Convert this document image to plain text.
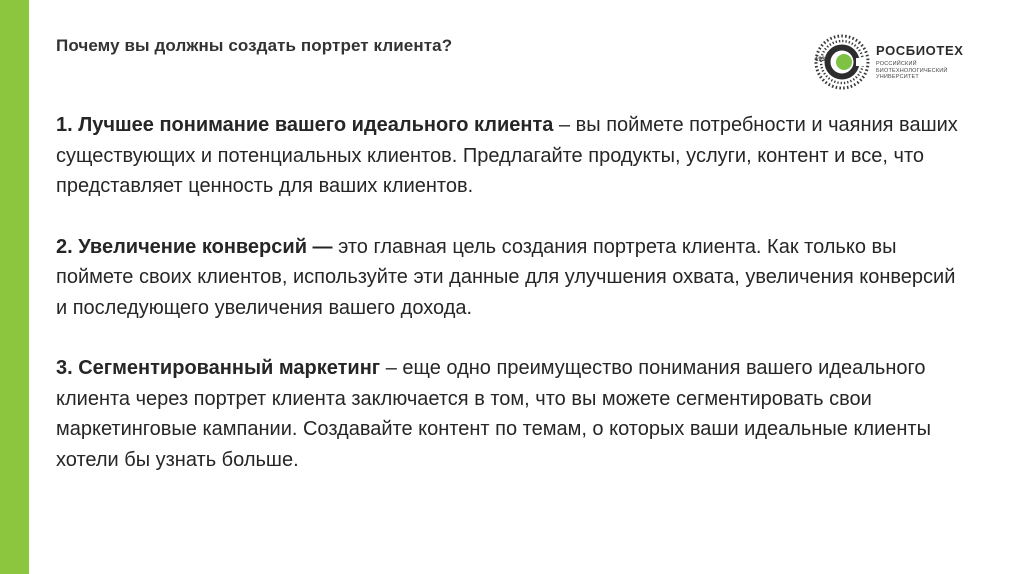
Почему вы должны создать портрет клиента?
1930
РОСБИОТЕХ
РОССИЙСКИЙ БИОТЕХНОЛОГИЧЕСКИЙ УНИВЕРСИТЕТ

1. Лучшее понимание вашего идеального клиента – вы поймете потребности и чаяния ваших существующих и потенциальных клиентов. Предлагайте продукты, услуги, контент и все, что представляет ценность для ваших клиентов.

2. Увеличение конверсий — это главная цель создания портрета клиента. Как только вы поймете своих клиентов, используйте эти данные для улучшения охвата, увеличения конверсий и последующего увеличения вашего дохода.

3. Сегментированный маркетинг – еще одно преимущество понимания вашего идеального клиента через портрет клиента заключается в том, что вы можете сегментировать свои маркетинговые кампании. Создавайте контент по темам, о которых ваши идеальные клиенты хотели бы узнать больше.
